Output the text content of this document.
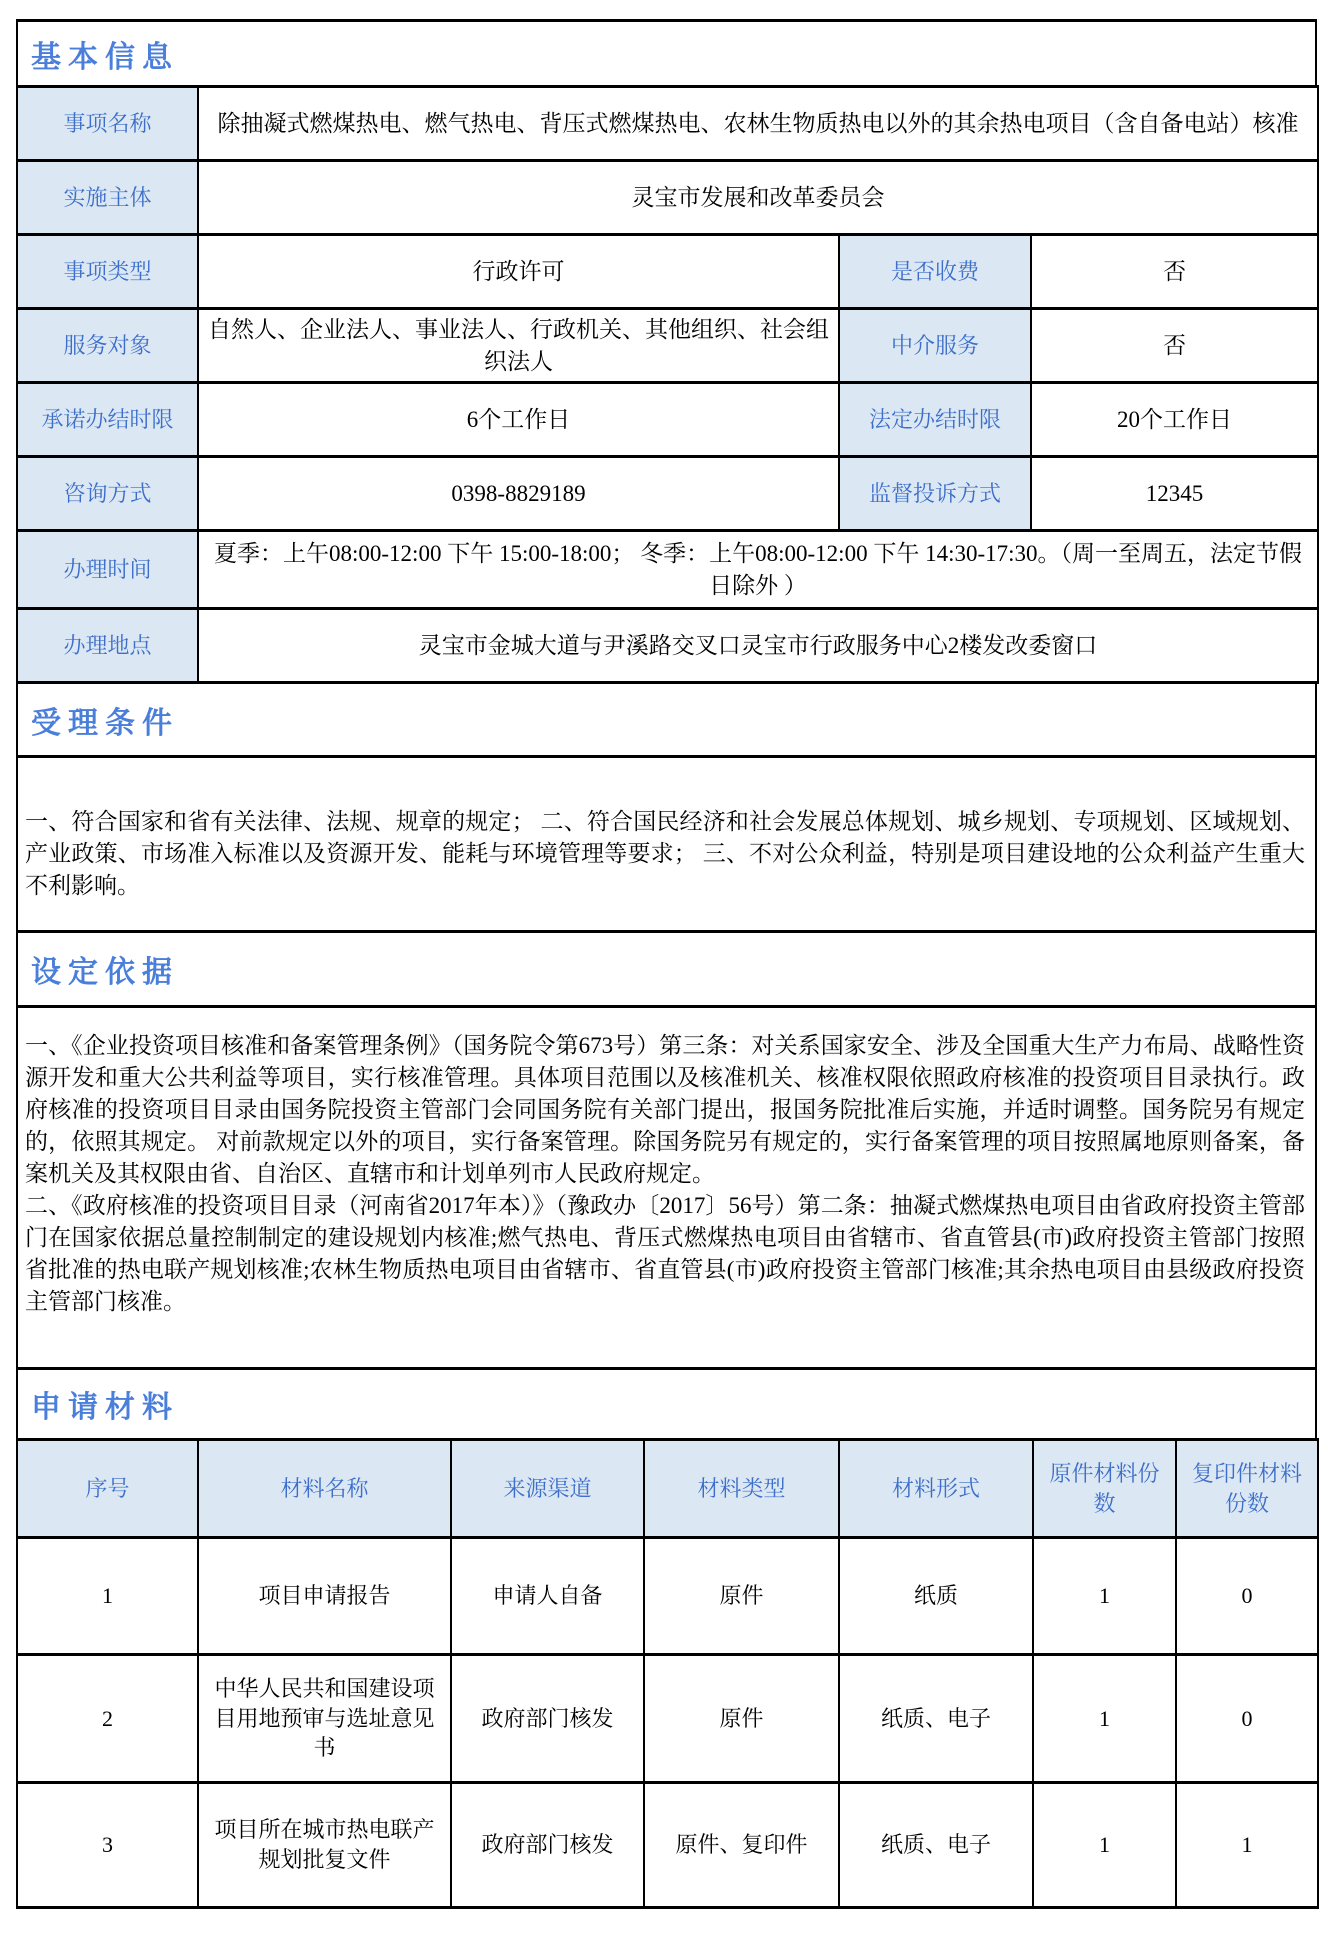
基本信息
事项名称	除抽凝式燃煤热电、燃气热电、背压式燃煤热电、农林生物质热电以外的其余热电项目（含自备电站）核准		
实施主体	灵宝市发展和改革委员会		
事项类型	行政许可	是否收费	否
服务对象	自然人、企业法人、事业法人、行政机关、其他组织、社会组织法人	中介服务	否
承诺办结时限	6个工作日	法定办结时限	20个工作日
咨询方式	0398-8829189	监督投诉方式	12345
办理时间	夏季：上午08:00-12:00 下午 15:00-18:00； 冬季：上午08:00-12:00 下午 14:30-17:30。（周一至周五，法定节假日除外 ）		
办理地点	灵宝市金城大道与尹溪路交叉口灵宝市行政服务中心2楼发改委窗口		
受理条件

一、符合国家和省有关法律、法规、规章的规定； 二、符合国民经济和社会发展总体规划、城乡规划、专项规划、区域规划、产业政策、市场准入标准以及资源开发、能耗与环境管理等要求； 三、不对公众利益，特别是项目建设地的公众利益产生重大不利影响。

设定依据

一、《企业投资项目核准和备案管理条例》（国务院令第673号）第三条：对关系国家安全、涉及全国重大生产力布局、战略性资源开发和重大公共利益等项目，实行核准管理。具体项目范围以及核准机关、核准权限依照政府核准的投资项目目录执行。政府核准的投资项目目录由国务院投资主管部门会同国务院有关部门提出，报国务院批准后实施，并适时调整。国务院另有规定的，依照其规定。 对前款规定以外的项目，实行备案管理。除国务院另有规定的，实行备案管理的项目按照属地原则备案，备案机关及其权限由省、自治区、直辖市和计划单列市人民政府规定。

二、《政府核准的投资项目目录（河南省2017年本）》（豫政办〔2017〕56号）第二条：抽凝式燃煤热电项目由省政府投资主管部门在国家依据总量控制制定的建设规划内核准;燃气热电、背压式燃煤热电项目由省辖市、省直管县(市)政府投资主管部门按照省批准的热电联产规划核准;农林生物质热电项目由省辖市、省直管县(市)政府投资主管部门核准;其余热电项目由县级政府投资主管部门核准。

申请材料
序号	材料名称	来源渠道	材料类型	材料形式	原件材料份数	复印件材料份数
1	项目申请报告	申请人自备	原件	纸质	1	0
2	中华人民共和国建设项目用地预审与选址意见书	政府部门核发	原件	纸质、电子	1	0
3	项目所在城市热电联产规划批复文件	政府部门核发	原件、复印件	纸质、电子	1	1
